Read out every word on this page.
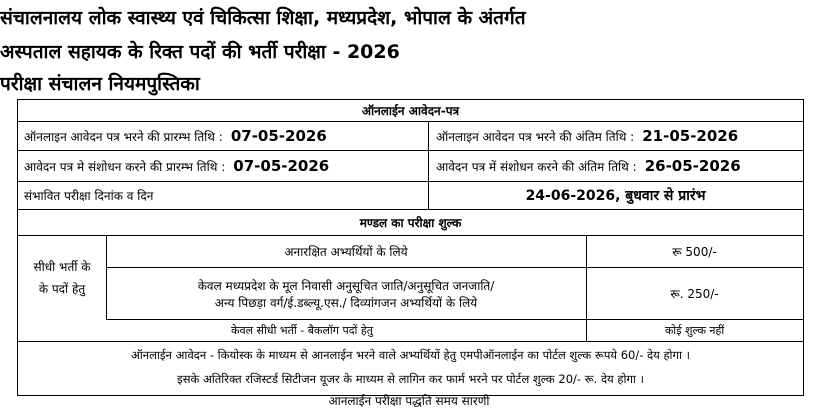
संचालनालय लोक स्वास्थ्य एवं चिकित्सा शिक्षा, मध्यप्रदेश, भोपाल के अंतर्गत
अस्पताल सहायक के रिक्त पदों की भर्ती परीक्षा - 2026
परीक्षा संचालन नियमपुस्तिका
ऑनलाईन आवेदन-पत्र
ऑनलाइन आवेदन पत्र भरने की प्रारम्भ तिथि : 07-05-2026	ऑनलाइन आवेदन पत्र भरने की अंतिम तिथि : 21-05-2026
आवेदन पत्र मे संशोधन करने की प्रारम्भ तिथि : 07-05-2026	आवेदन पत्र में संशोधन करने की अंतिम तिथि : 26-05-2026
संभावित परीक्षा दिनांक व दिन	24-06-2026, बुधवार से प्रारंभ
मण्डल का परीक्षा शुल्क
सीधी भर्ती के
के पदों हेतु
अनारक्षित अभ्यर्थियों के लिये	रू 500/-
केवल मध्यप्रदेश के मूल निवासी अनुसूचित जाति/अनुसूचित जनजाति/
अन्य पिछड़ा वर्ग/ई.डब्ल्यू.एस./ दिव्यांगजन अभ्यर्थियों के लिये
रू. 250/-
केवल सीधी भर्ती - बैकलॉग पदों हेतु	कोई शुल्क नहीं
ऑनलाईन आवेदन - कियोस्क के माध्यम से आनलाईन भरने वाले अभ्यर्थियों हेतु एमपीऑनलाईन का पोर्टल शुल्क रूपये 60/- देय होगा ।
इसके अतिरिक्त रजिस्टर्ड सिटीजन यूजर के माध्यम से लागिन कर फार्म भरने पर पोर्टल शुल्क 20/- रू. देय होगा ।
आनलाईन परीक्षा पद्धति समय सारणी
